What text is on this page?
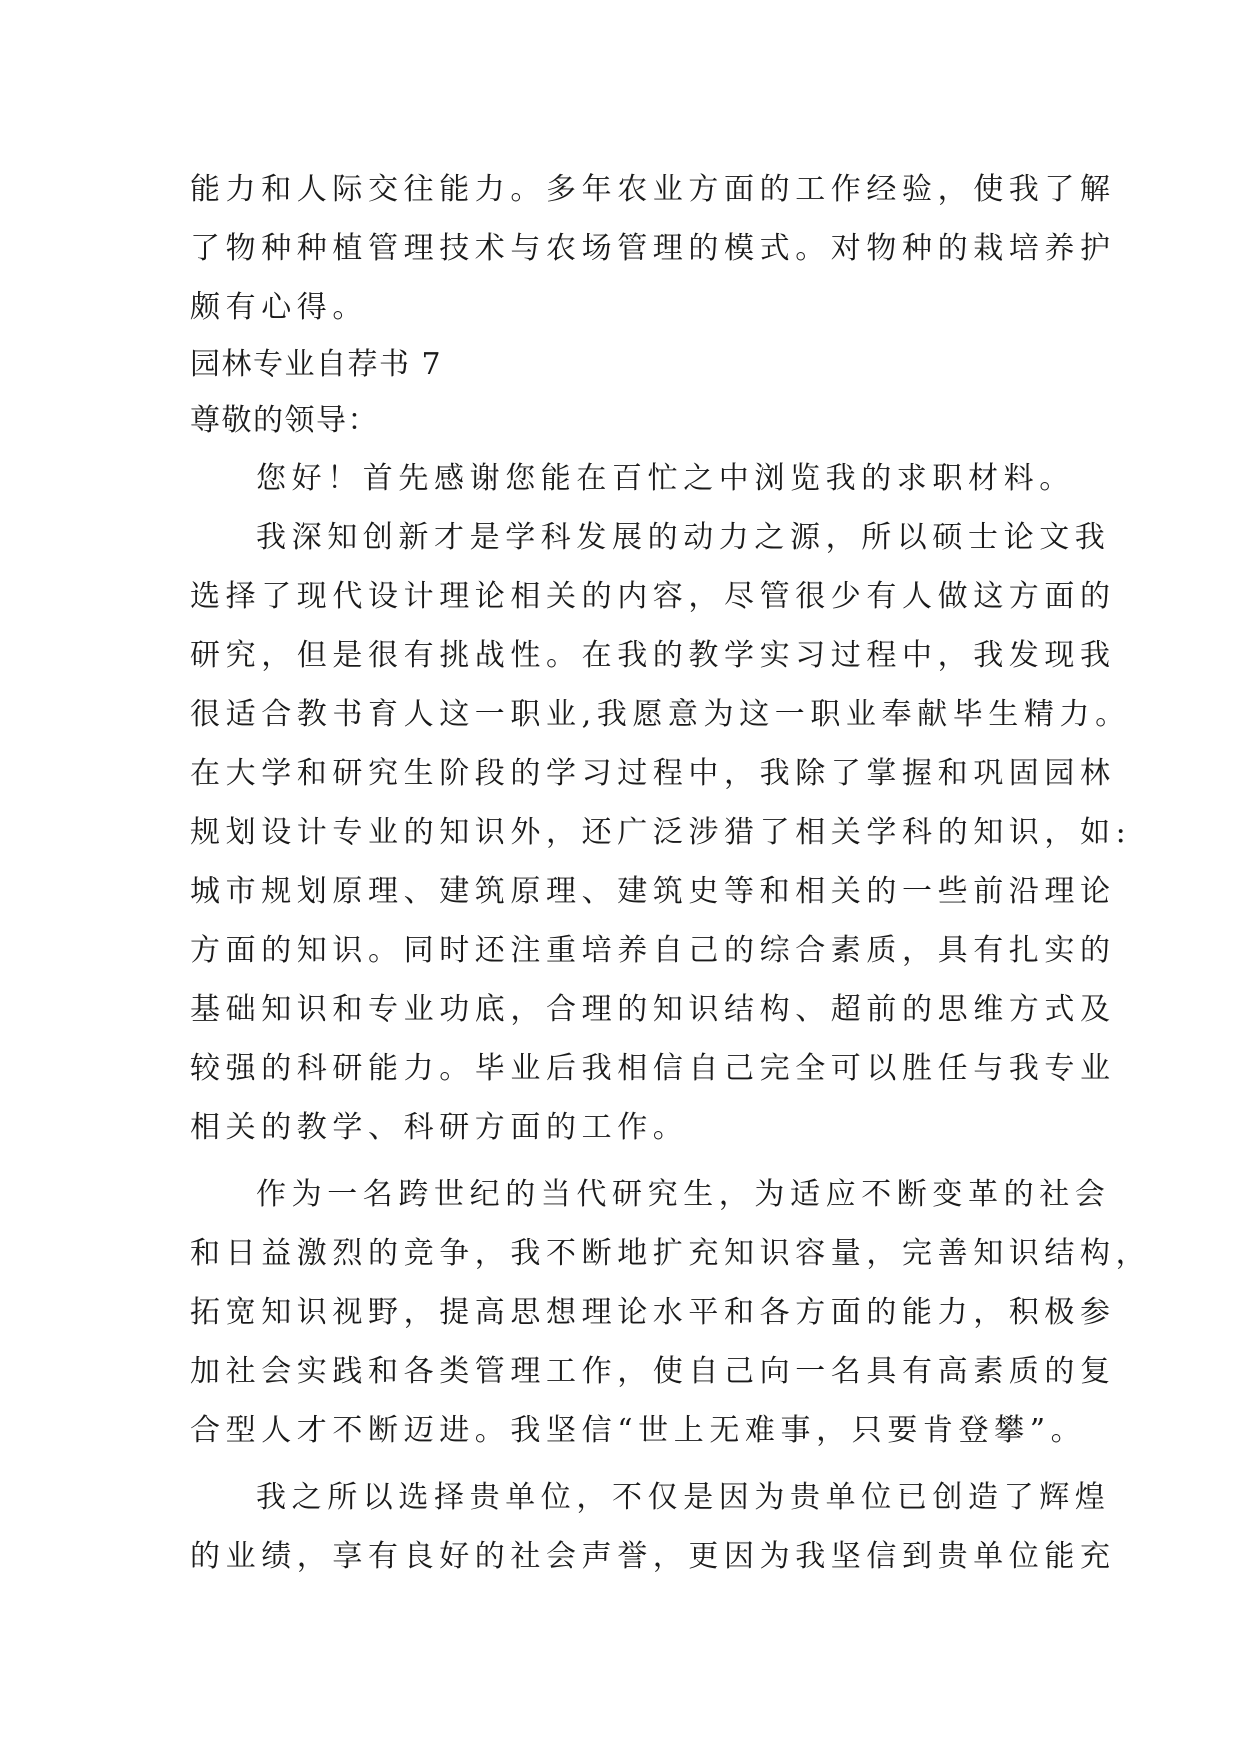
能力和人际交往能力。多年农业方面的工作经验，使我了解
了物种种植管理技术与农场管理的模式。对物种的栽培养护
颇有心得。
园林专业自荐书 7
尊敬的领导：
您好！首先感谢您能在百忙之中浏览我的求职材料。
我深知创新才是学科发展的动力之源，所以硕士论文我
选择了现代设计理论相关的内容，尽管很少有人做这方面的
研究，但是很有挑战性。在我的教学实习过程中，我发现我
很适合教书育人这一职业,我愿意为这一职业奉献毕生精力。
在大学和研究生阶段的学习过程中，我除了掌握和巩固园林
规划设计专业的知识外，还广泛涉猎了相关学科的知识，如:
城市规划原理、建筑原理、建筑史等和相关的一些前沿理论
方面的知识。同时还注重培养自己的综合素质，具有扎实的
基础知识和专业功底，合理的知识结构、超前的思维方式及
较强的科研能力。毕业后我相信自己完全可以胜任与我专业
相关的教学、科研方面的工作。
作为一名跨世纪的当代研究生，为适应不断变革的社会
和日益激烈的竞争，我不断地扩充知识容量，完善知识结构，
拓宽知识视野，提高思想理论水平和各方面的能力，积极参
加社会实践和各类管理工作，使自己向一名具有高素质的复
合型人才不断迈进。我坚信“世上无难事，只要肯登攀”。
我之所以选择贵单位，不仅是因为贵单位已创造了辉煌
的业绩，享有良好的社会声誉，更因为我坚信到贵单位能充
